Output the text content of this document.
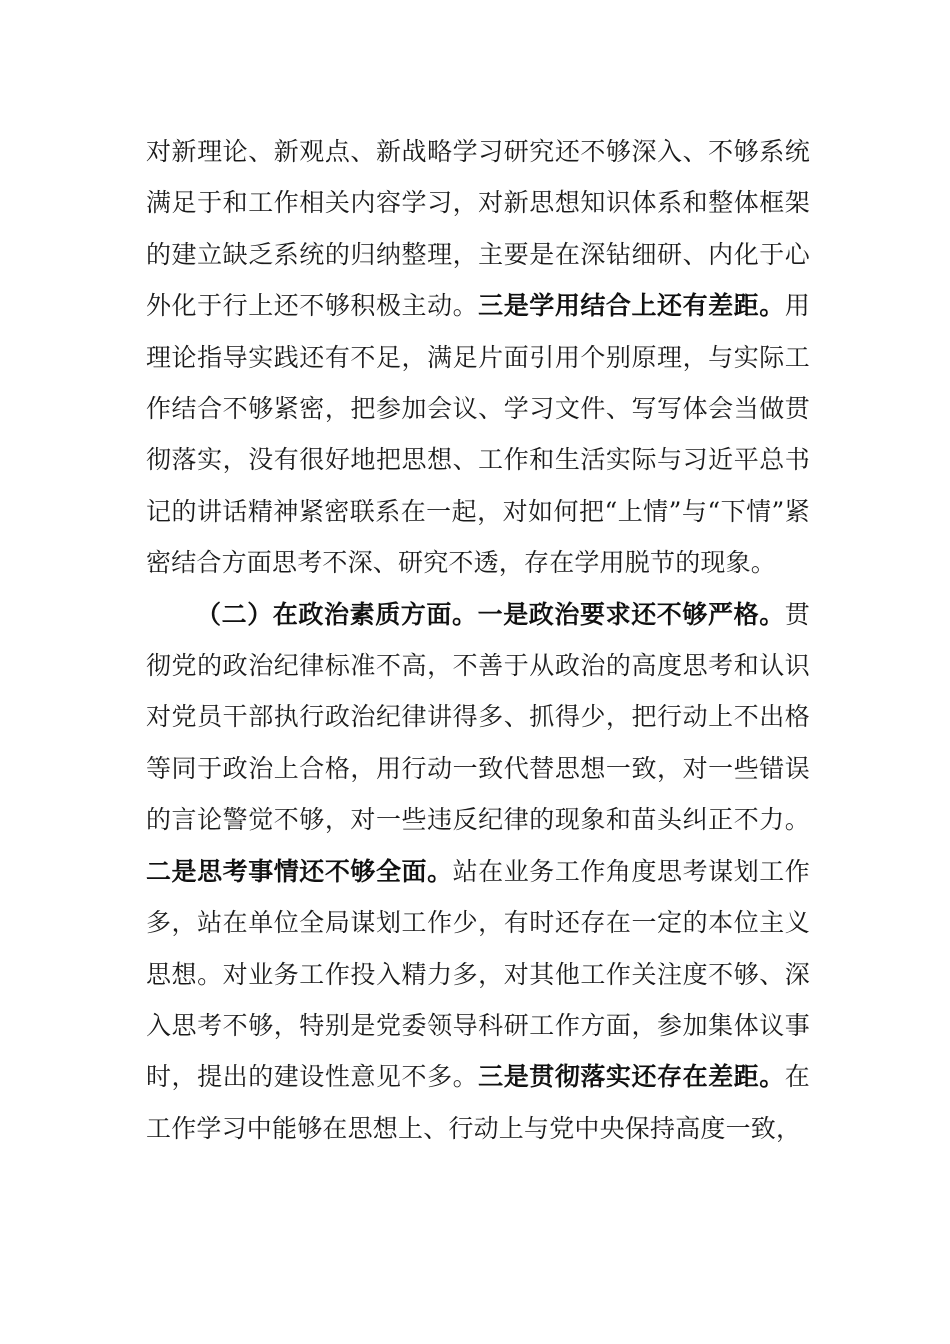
对新理论、新观点、新战略学习研究还不够深入、不够系统满足于和工作相关内容学习，对新思想知识体系和整体框架的建立缺乏系统的归纳整理，主要是在深钻细研、内化于心外化于行上还不够积极主动。三是学用结合上还有差距。用理论指导实践还有不足，满足片面引用个别原理，与实际工作结合不够紧密，把参加会议、学习文件、写写体会当做贯彻落实，没有很好地把思想、工作和生活实际与习近平总书记的讲话精神紧密联系在一起，对如何把“上情”与“下情”紧密结合方面思考不深、研究不透，存在学用脱节的现象。

（二）在政治素质方面。一是政治要求还不够严格。贯彻党的政治纪律标准不高，不善于从政治的高度思考和认识对党员干部执行政治纪律讲得多、抓得少，把行动上不出格等同于政治上合格，用行动一致代替思想一致，对一些错误的言论警觉不够，对一些违反纪律的现象和苗头纠正不力。二是思考事情还不够全面。站在业务工作角度思考谋划工作多，站在单位全局谋划工作少，有时还存在一定的本位主义思想。对业务工作投入精力多，对其他工作关注度不够、深入思考不够，特别是党委领导科研工作方面，参加集体议事时，提出的建设性意见不多。三是贯彻落实还存在差距。在工作学习中能够在思想上、行动上与党中央保持高度一致，
